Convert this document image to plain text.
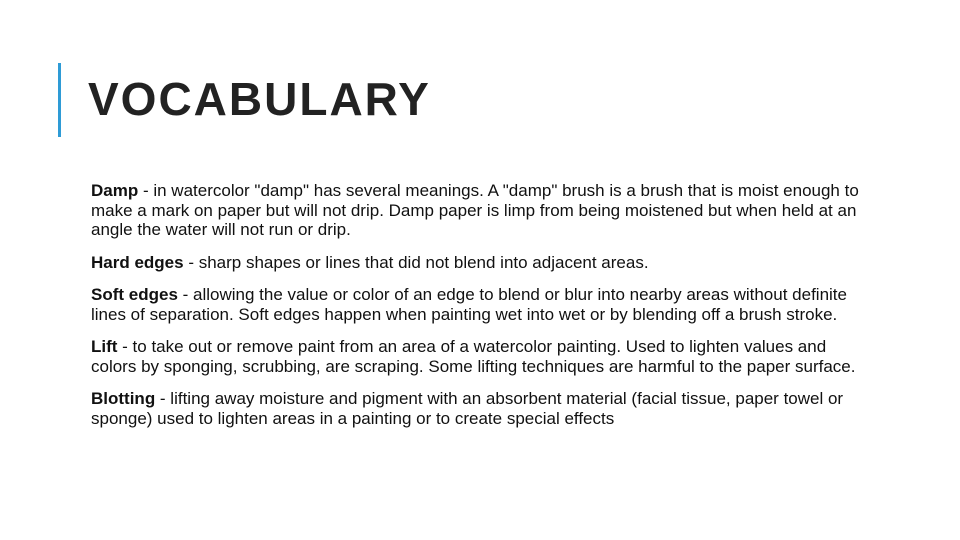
VOCABULARY

Damp - in watercolor "damp" has several meanings. A "damp" brush is a brush that is moist enough to make a mark on paper but will not drip. Damp paper is limp from being moistened but when held at an angle the water will not run or drip.

Hard edges - sharp shapes or lines that did not blend into adjacent areas.

Soft edges - allowing the value or color of an edge to blend or blur into nearby areas without definite lines of separation. Soft edges happen when painting wet into wet or by blending off a brush stroke.

Lift - to take out or remove paint from an area of a watercolor painting. Used to lighten values and colors by sponging, scrubbing, are scraping. Some lifting techniques are harmful to the paper surface.

Blotting - lifting away moisture and pigment with an absorbent material (facial tissue, paper towel or sponge) used to lighten areas in a painting or to create special effects
